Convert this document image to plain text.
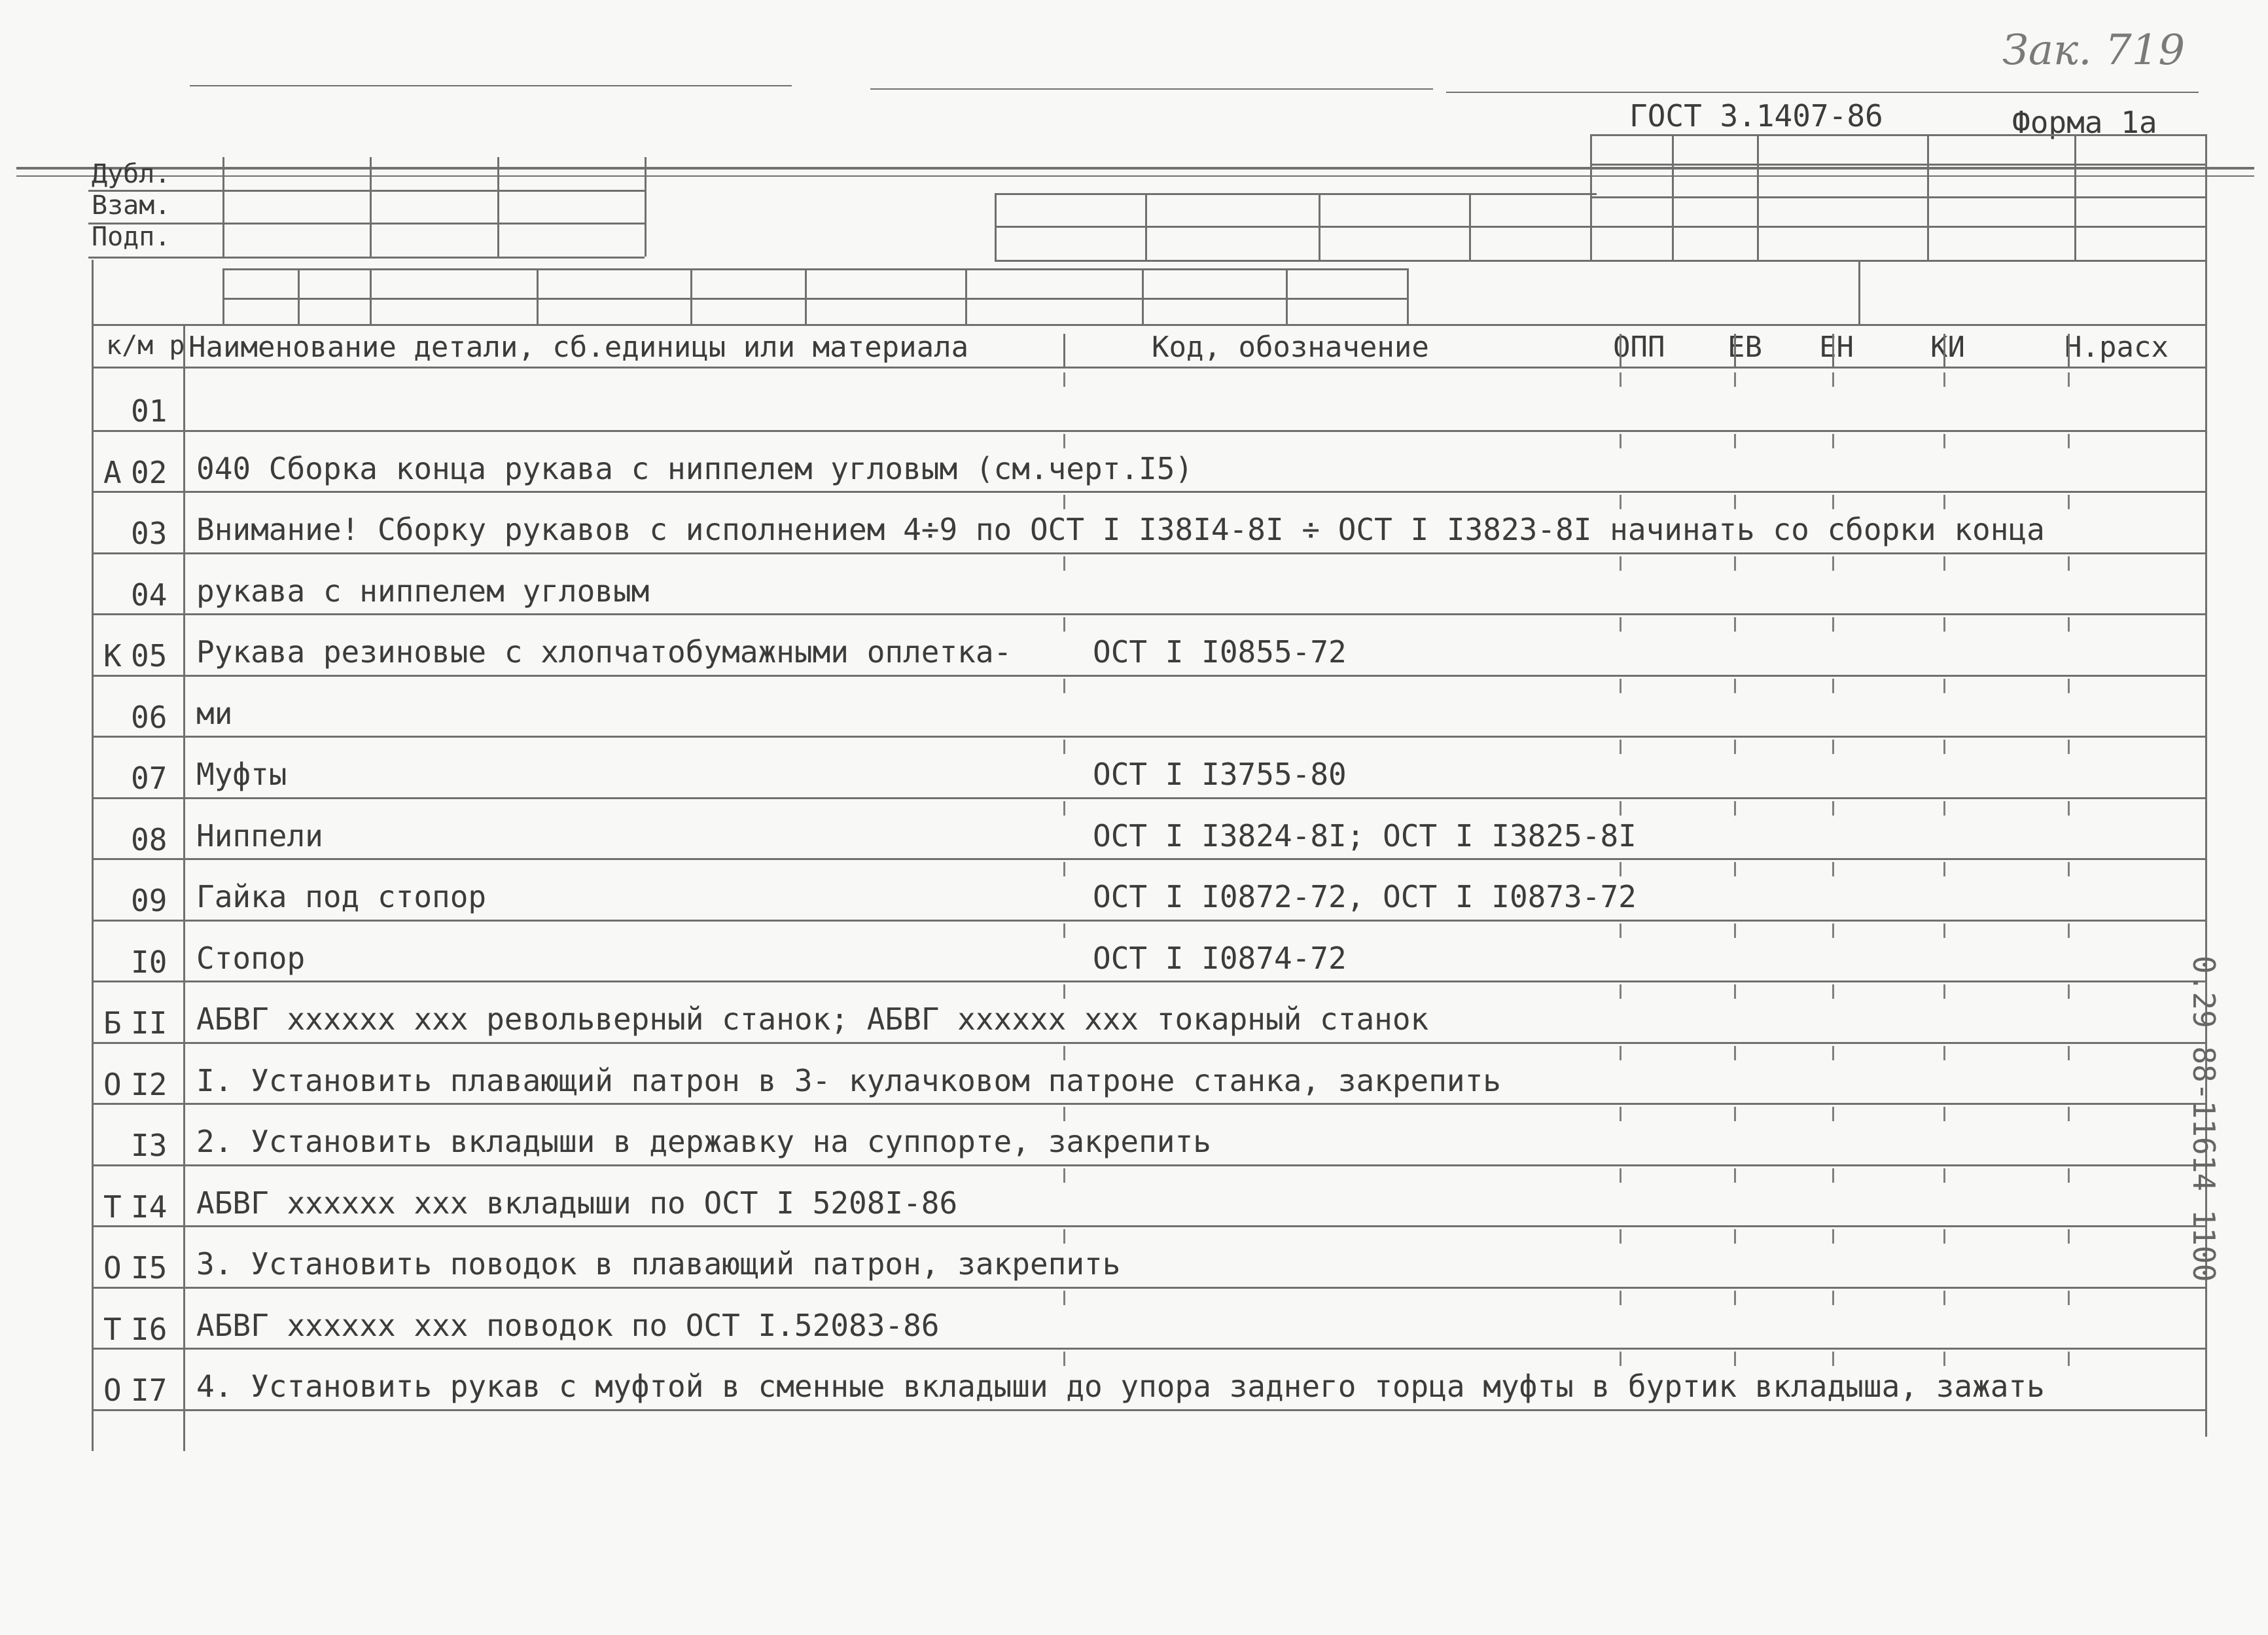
Зак. 719
ГОСТ 3.1407-86	Форма 1а
Дубл.
Взам.
Подп.
к/м р Наименование детали, сб.единицы или материала	Код, обозначение	ОПП ЕВ ЕН	КИ	Н.расх
01
А 02 040 Сборка конца рукава с ниппелем угловым (см.черт.I5)
03 Внимание! Сборку рукавов с исполнением 4÷9 по ОСТ I I38I4-8I ÷ ОСТ I I3823-8I начинать со сборки конца
04 рукава с ниппелем угловым
К 05 Рукава резиновые с хлопчатобумажными оплетка-	ОСТ I I0855-72
06 ми
07 Муфты	ОСТ I I3755-80
08 Ниппели	ОСТ I I3824-8I; ОСТ I I3825-8I
09 Гайка под стопор	ОСТ I I0872-72, ОСТ I I0873-72
I0 Стопор	ОСТ I I0874-72
Б II АБВГ хххххх ххх револьверный станок; АБВГ хххххх ххх токарный станок
О I2 I. Установить плавающий патрон в 3- кулачковом патроне станка, закрепить
I3 2. Установить вкладыши в державку на суппорте, закрепить
Т I4 АБВГ хххххх ххх вкладыши по ОСТ I 5208I-86
О I5 3. Установить поводок в плавающий патрон, закрепить
Т I6 АБВГ хххххх ххх поводок по ОСТ I.52083-86
О I7 4. Установить рукав с муфтой в сменные вкладыши до упора заднего торца муфты в буртик вкладыша, зажать
0.29 88-11614 1100
